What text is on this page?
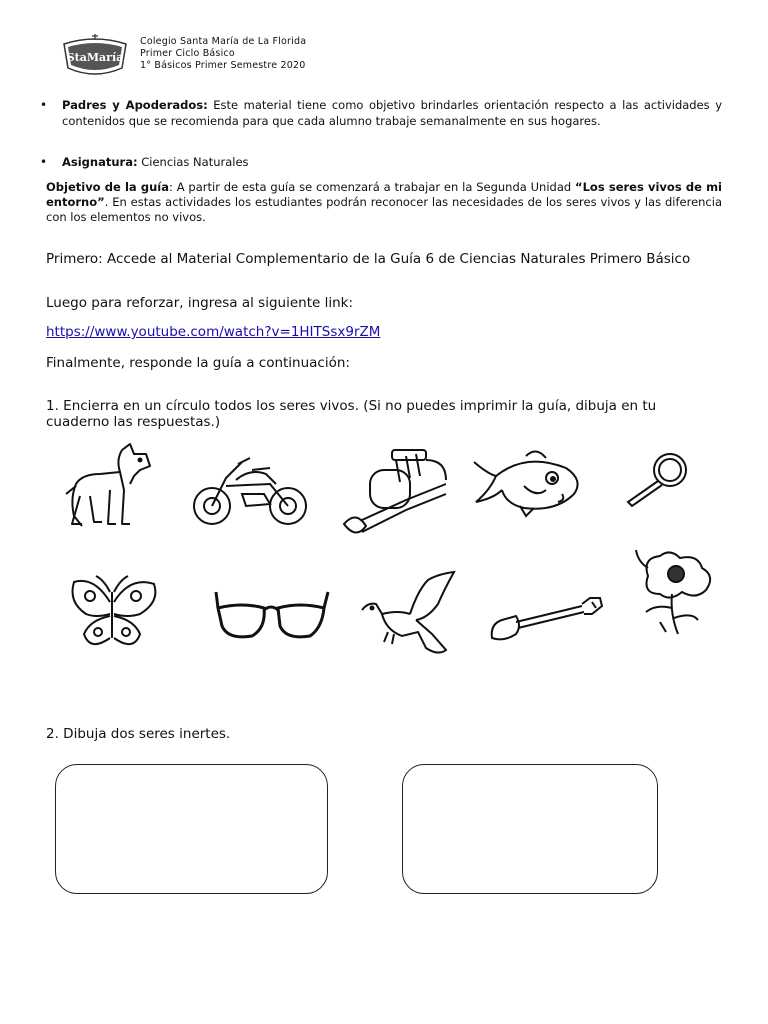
StaMaría
Colegio Santa María de La Florida
Primer Ciclo Básico
1° Básicos Primer Semestre 2020
• Padres y Apoderados: Este material tiene como objetivo brindarles orientación respecto a las actividades y contenidos que se recomienda para que cada alumno trabaje semanalmente en sus hogares.
• Asignatura: Ciencias Naturales
Objetivo de la guía: A partir de esta guía se comenzará a trabajar en la Segunda Unidad “Los seres vivos de mi entorno”. En estas actividades los estudiantes podrán reconocer las necesidades de los seres vivos y las diferencia con los elementos no vivos.
Primero: Accede al Material Complementario de la Guía 6 de Ciencias Naturales Primero Básico
Luego para reforzar, ingresa al siguiente link:
https://www.youtube.com/watch?v=1HITSsx9rZM
Finalmente, responde la guía a continuación:
1. Encierra en un círculo todos los seres vivos. (Si no puedes imprimir la guía, dibuja en tu cuaderno las respuestas.)
2. Dibuja dos seres inertes.
